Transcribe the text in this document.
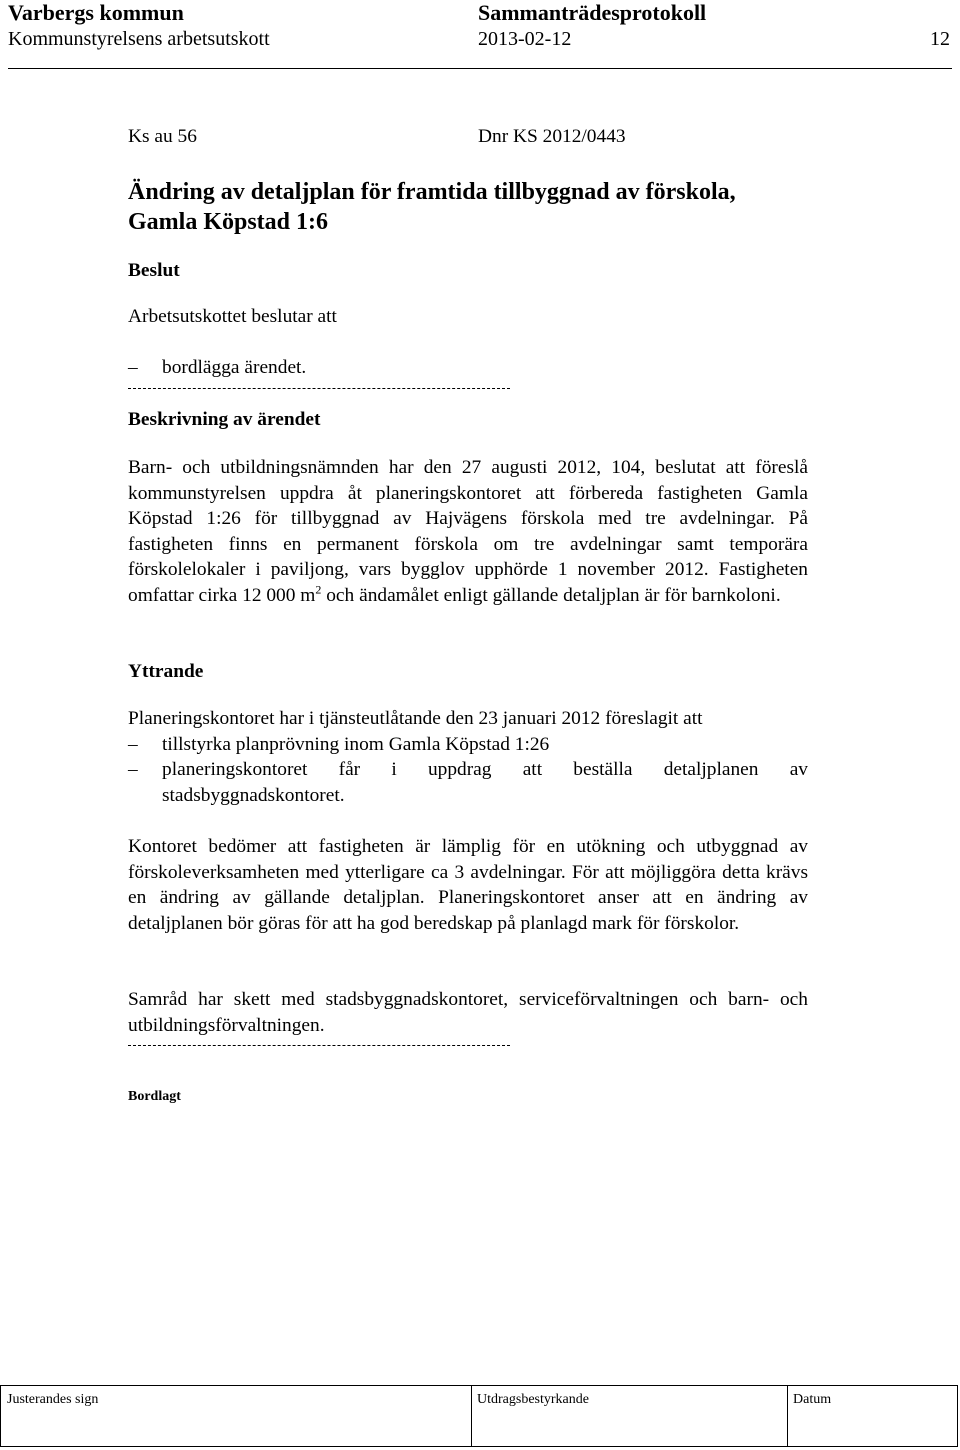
Varbergs kommun	Sammanträdesprotokoll
Kommunstyrelsens arbetsutskott	2013-02-12	12
Ks au 56	Dnr KS 2012/0443
Ändring av detaljplan för framtida tillbyggnad av förskola,
Gamla Köpstad 1:6
Beslut
Arbetsutskottet beslutar att
– bordlägga ärendet.
Beskrivning av ärendet

Barn- och utbildningsnämnden har den 27 augusti 2012, 104, beslutat att föreslå kommunstyrelsen uppdra åt planeringskontoret att förbereda fastigheten Gamla Köpstad 1:26 för tillbyggnad av Hajvägens förskola med tre avdelningar. På fastigheten finns en permanent förskola om tre avdelningar samt temporära förskolelokaler i paviljong, vars bygglov upphörde 1 november 2012. Fastigheten omfattar cirka 12 000 $m^2$ och ändamålet enligt gällande detaljplan är för barnkoloni.

Yttrande

Planeringskontoret har i tjänsteutlåtande den 23 januari 2012 föreslagit att

– tillstyrka planprövning inom Gamla Köpstad 1:26
– planeringskontoret får i uppdrag att beställa detaljplanen av stadsbyggnadskontoret.

Kontoret bedömer att fastigheten är lämplig för en utökning och utbyggnad av förskoleverksamheten med ytterligare ca 3 avdelningar. För att möjliggöra detta krävs en ändring av gällande detaljplan. Planeringskontoret anser att en ändring av detaljplanen bör göras för att ha god beredskap på planlagd mark för förskolor.

Samråd har skett med stadsbyggnadskontoret, serviceförvaltningen och barn- och utbildningsförvaltningen.

Bordlagt
Justerandes sign	Utdragsbestyrkande	Datum
